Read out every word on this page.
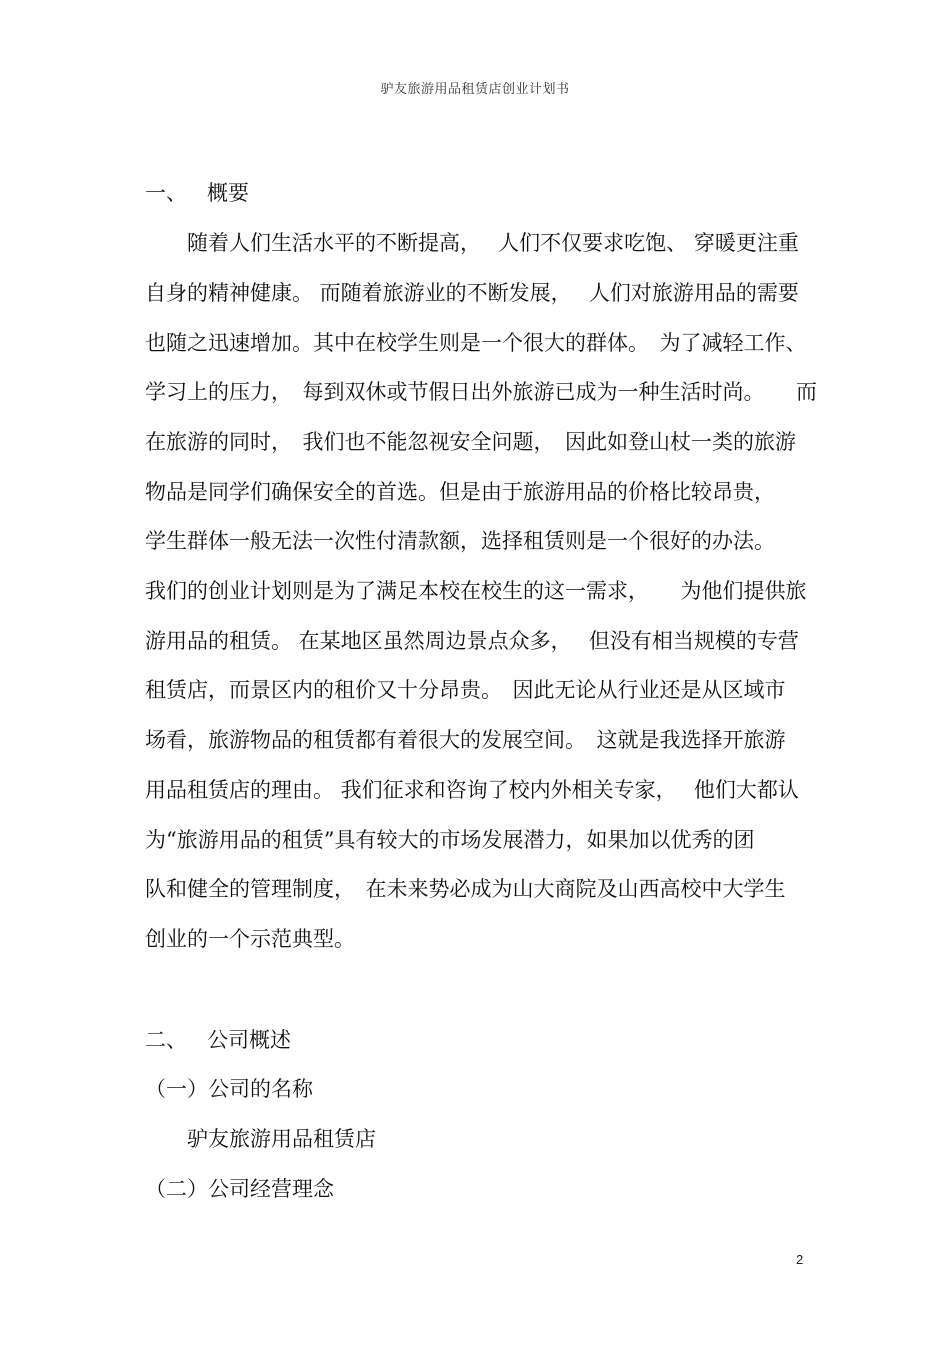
驴友旅游用品租赁店创业计划书

一、 概要

随着人们生活水平的不断提高，　 人们不仅要求吃饱、 穿暖更注重

自身的精神健康。 而随着旅游业的不断发展，　 人们对旅游用品的需要

也随之迅速增加。其中在校学生则是一个很大的群体。　为了减轻工作、

学习上的压力，　每到双休或节假日出外旅游已成为一种生活时尚。　　而

在旅游的同时，　我们也不能忽视安全问题，　因此如登山杖一类的旅游

物品是同学们确保安全的首选。但是由于旅游用品的价格比较昂贵，

学生群体一般无法一次性付清款额，选择租赁则是一个很好的办法。

我们的创业计划则是为了满足本校在校生的这一需求，　　为他们提供旅

游用品的租赁。 在某地区虽然周边景点众多，　 但没有相当规模的专营

租赁店，而景区内的租价又十分昂贵。　因此无论从行业还是从区域市

场看，旅游物品的租赁都有着很大的发展空间。　这就是我选择开旅游

用品租赁店的理由。 我们征求和咨询了校内外相关专家，　 他们大都认

为“旅游用品的租赁”具有较大的市场发展潜力，如果加以优秀的团

队和健全的管理制度，　在未来势必成为山大商院及山西高校中大学生

创业的一个示范典型。

二、 公司概述

（一）公司的名称

驴友旅游用品租赁店

（二）公司经营理念

2
